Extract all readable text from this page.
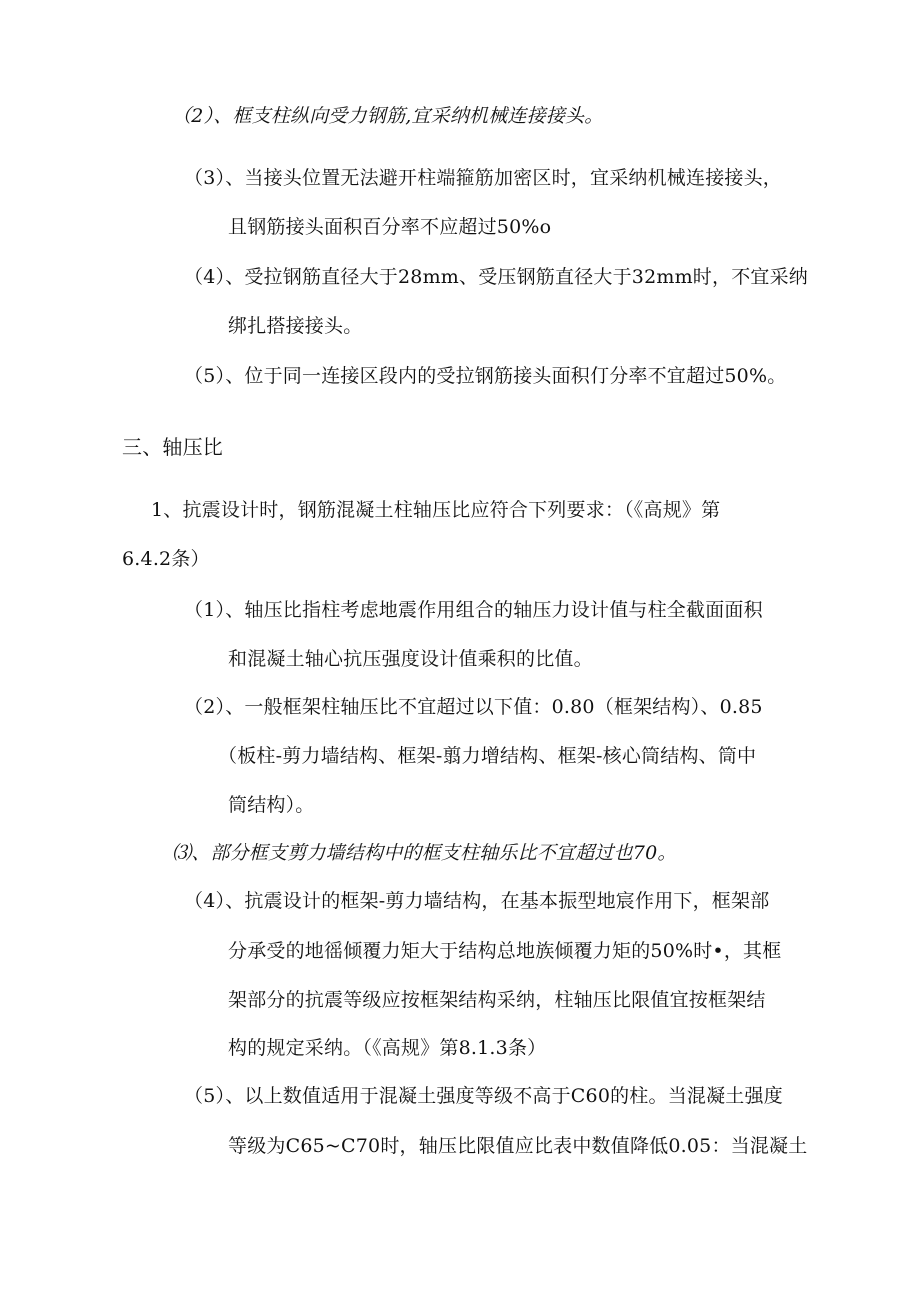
（2）、框支柱纵向受力钢筋,宜采纳机械连接接头。
（3）、当接头位置无法避开柱端箍筋加密区时，宜采纳机械连接接头，
且钢筋接头面积百分率不应超过50%o
（4）、受拉钢筋直径大于28mm、受压钢筋直径大于32mm时，不宜采纳
绑扎搭接接头。
（5）、位于同一连接区段内的受拉钢筋接头面积仃分率不宜超过50%。
三、轴压比
1、抗震设计时，钢筋混凝土柱轴压比应符合下列要求：（《高规》第
6.4.2条）
（1）、轴压比指柱考虑地震作用组合的轴压力设计值与柱全截面面积
和混凝土轴心抗压强度设计值乘积的比值。
（2）、一般框架柱轴压比不宜超过以下值：0.80（框架结构）、0.85
（板柱-剪力墙结构、框架-翦力增结构、框架-核心筒结构、筒中
筒结构）。
⑶、部分框支剪力墙结构中的框支柱轴乐比不宜超过也70。
（4）、抗震设计的框架-剪力墙结构，在基本振型地宸作用下，框架部
分承受的地徭倾覆力矩大于结构总地族倾覆力矩的50%时•，其框
架部分的抗震等级应按框架结构采纳，柱轴压比限值宜按框架结
构的规定采纳。（《高规》第8.1.3条）
（5）、以上数值适用于混凝土强度等级不高于C60的柱。当混凝土强度
等级为C65~C70时，轴压比限值应比表中数值降低0.05：当混凝土
